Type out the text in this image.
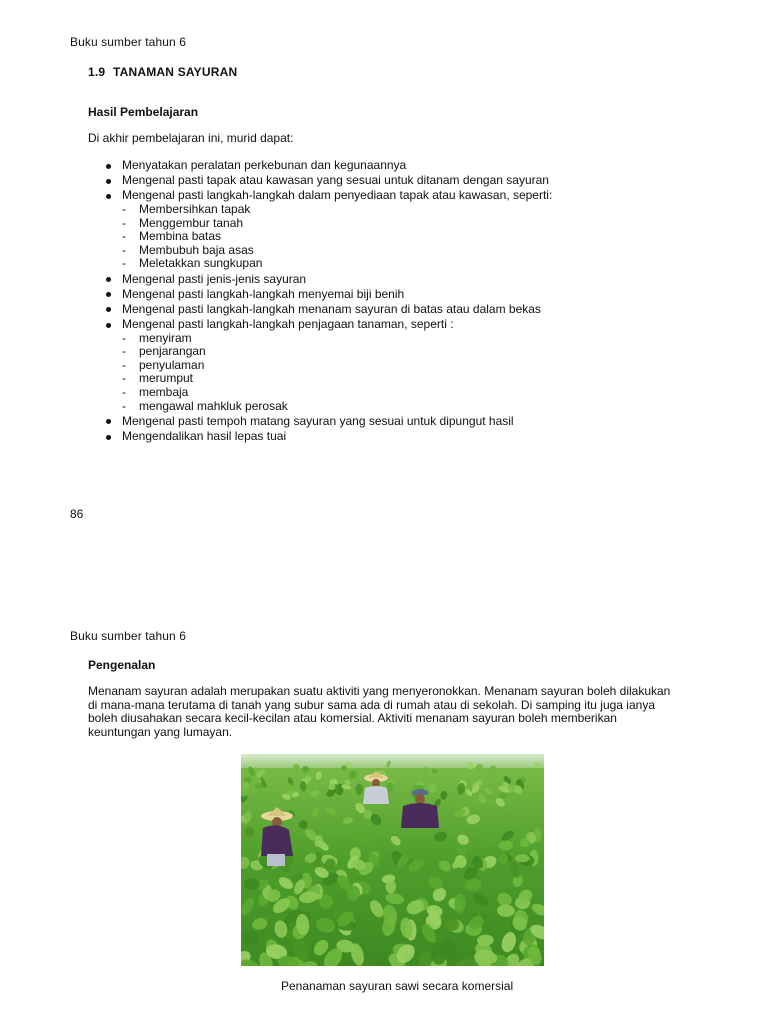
Buku sumber tahun 6
1.9 TANAMAN SAYURAN
Hasil Pembelajaran
Di akhir pembelajaran ini, murid dapat:
Menyatakan peralatan perkebunan dan kegunaannya
Mengenal pasti tapak atau kawasan yang sesuai untuk ditanam dengan sayuran
Mengenal pasti langkah-langkah dalam penyediaan tapak atau kawasan, seperti:
- Membersihkan tapak
- Menggembur tanah
- Membina batas
- Membubuh baja asas
- Meletakkan sungkupan
Mengenal pasti jenis-jenis sayuran
Mengenal pasti langkah-langkah menyemai biji benih
Mengenal pasti langkah-langkah menanam sayuran di batas atau dalam bekas
Mengenal pasti langkah-langkah penjagaan tanaman, seperti :
- menyiram
- penjarangan
- penyulaman
- merumput
- membaja
- mengawal mahkluk perosak
Mengenal pasti tempoh matang sayuran yang sesuai untuk dipungut hasil
Mengendalikan hasil lepas tuai
86
Buku sumber tahun 6
Pengenalan
Menanam sayuran adalah merupakan suatu aktiviti yang menyeronokkan. Menanam sayuran boleh dilakukan di mana-mana terutama di tanah yang subur sama ada di rumah atau di sekolah. Di samping itu juga ianya boleh diusahakan secara kecil-kecilan atau komersial. Aktiviti menanam sayuran boleh memberikan keuntungan yang lumayan.
Penanaman sayuran sawi secara komersial
